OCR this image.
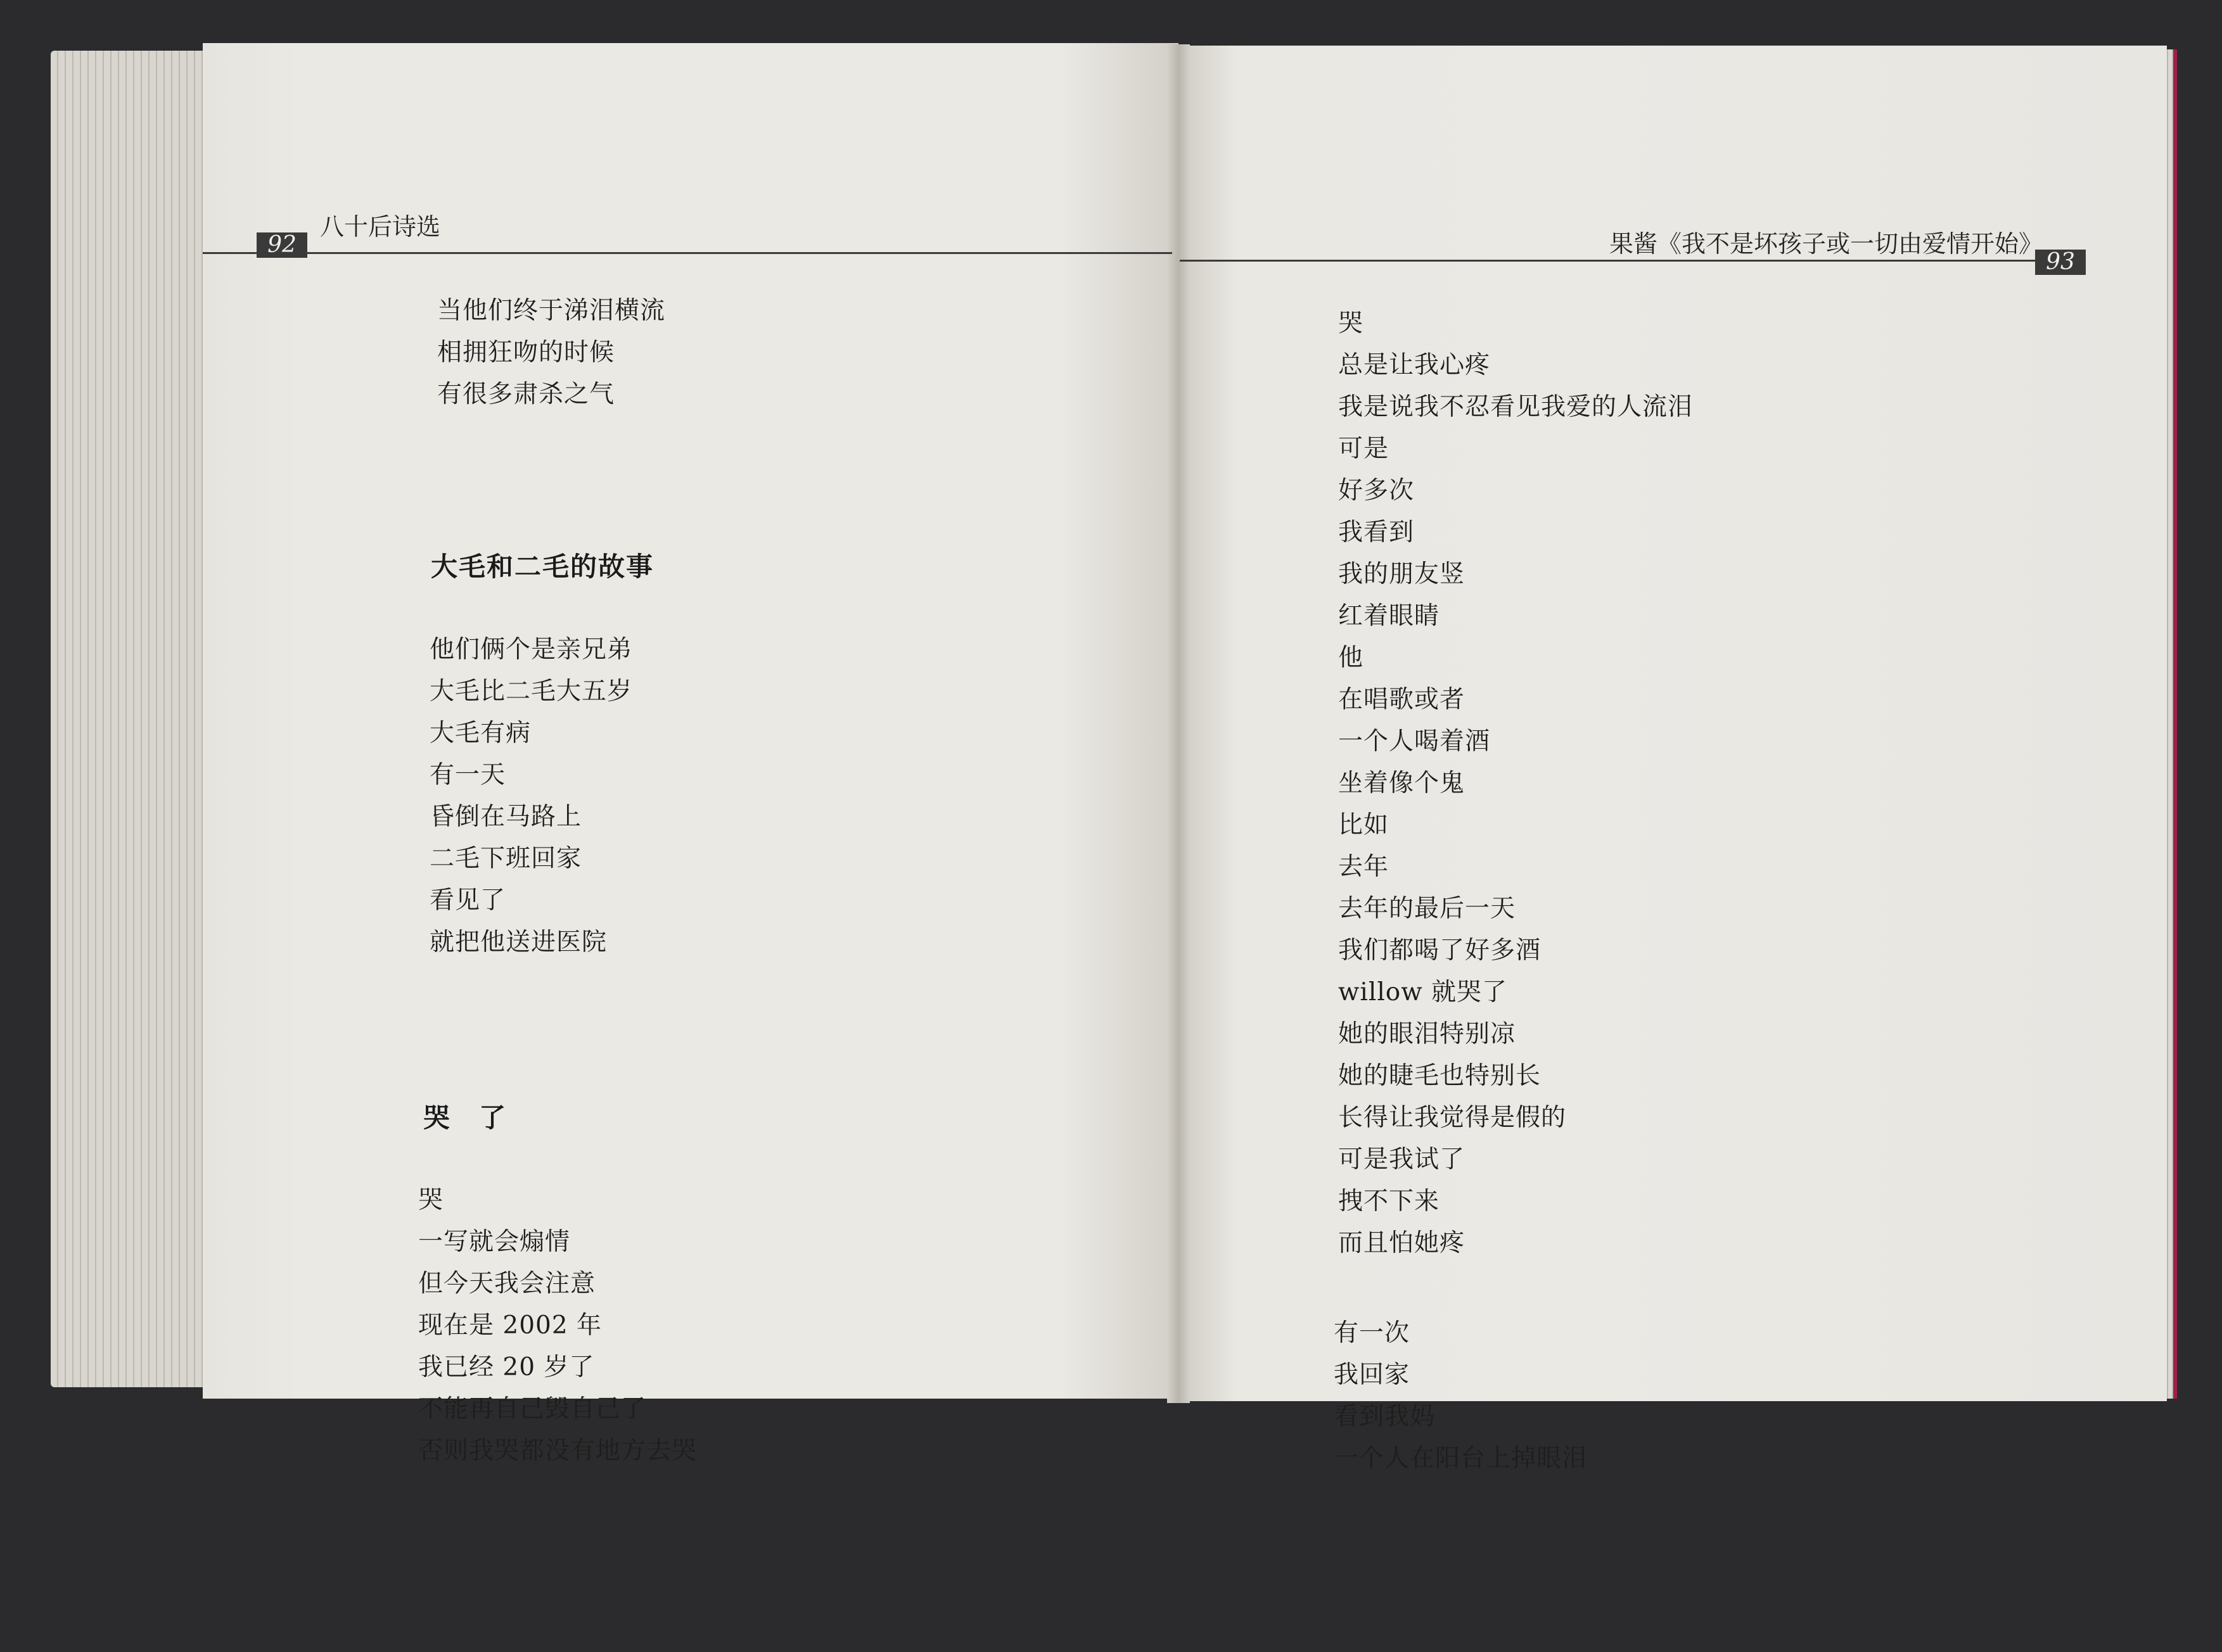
92
八十后诗选
93
果酱《我不是坏孩子或一切由爱情开始》
当他们终于涕泪横流
相拥狂吻的时候
有很多肃杀之气
大毛和二毛的故事
他们俩个是亲兄弟
大毛比二毛大五岁
大毛有病
有一天
昏倒在马路上
二毛下班回家
看见了
就把他送进医院
哭　了
哭
一写就会煽情
但今天我会注意
现在是 2002 年
我已经 20 岁了
不能再自己毁自己了
否则我哭都没有地方去哭
哭
总是让我心疼
我是说我不忍看见我爱的人流泪
可是
好多次
我看到
我的朋友竖
红着眼睛
他
在唱歌或者
一个人喝着酒
坐着像个鬼
比如
去年
去年的最后一天
我们都喝了好多酒
willow 就哭了
她的眼泪特别凉
她的睫毛也特别长
长得让我觉得是假的
可是我试了
拽不下来
而且怕她疼
有一次
我回家
看到我妈
一个人在阳台上掉眼泪
